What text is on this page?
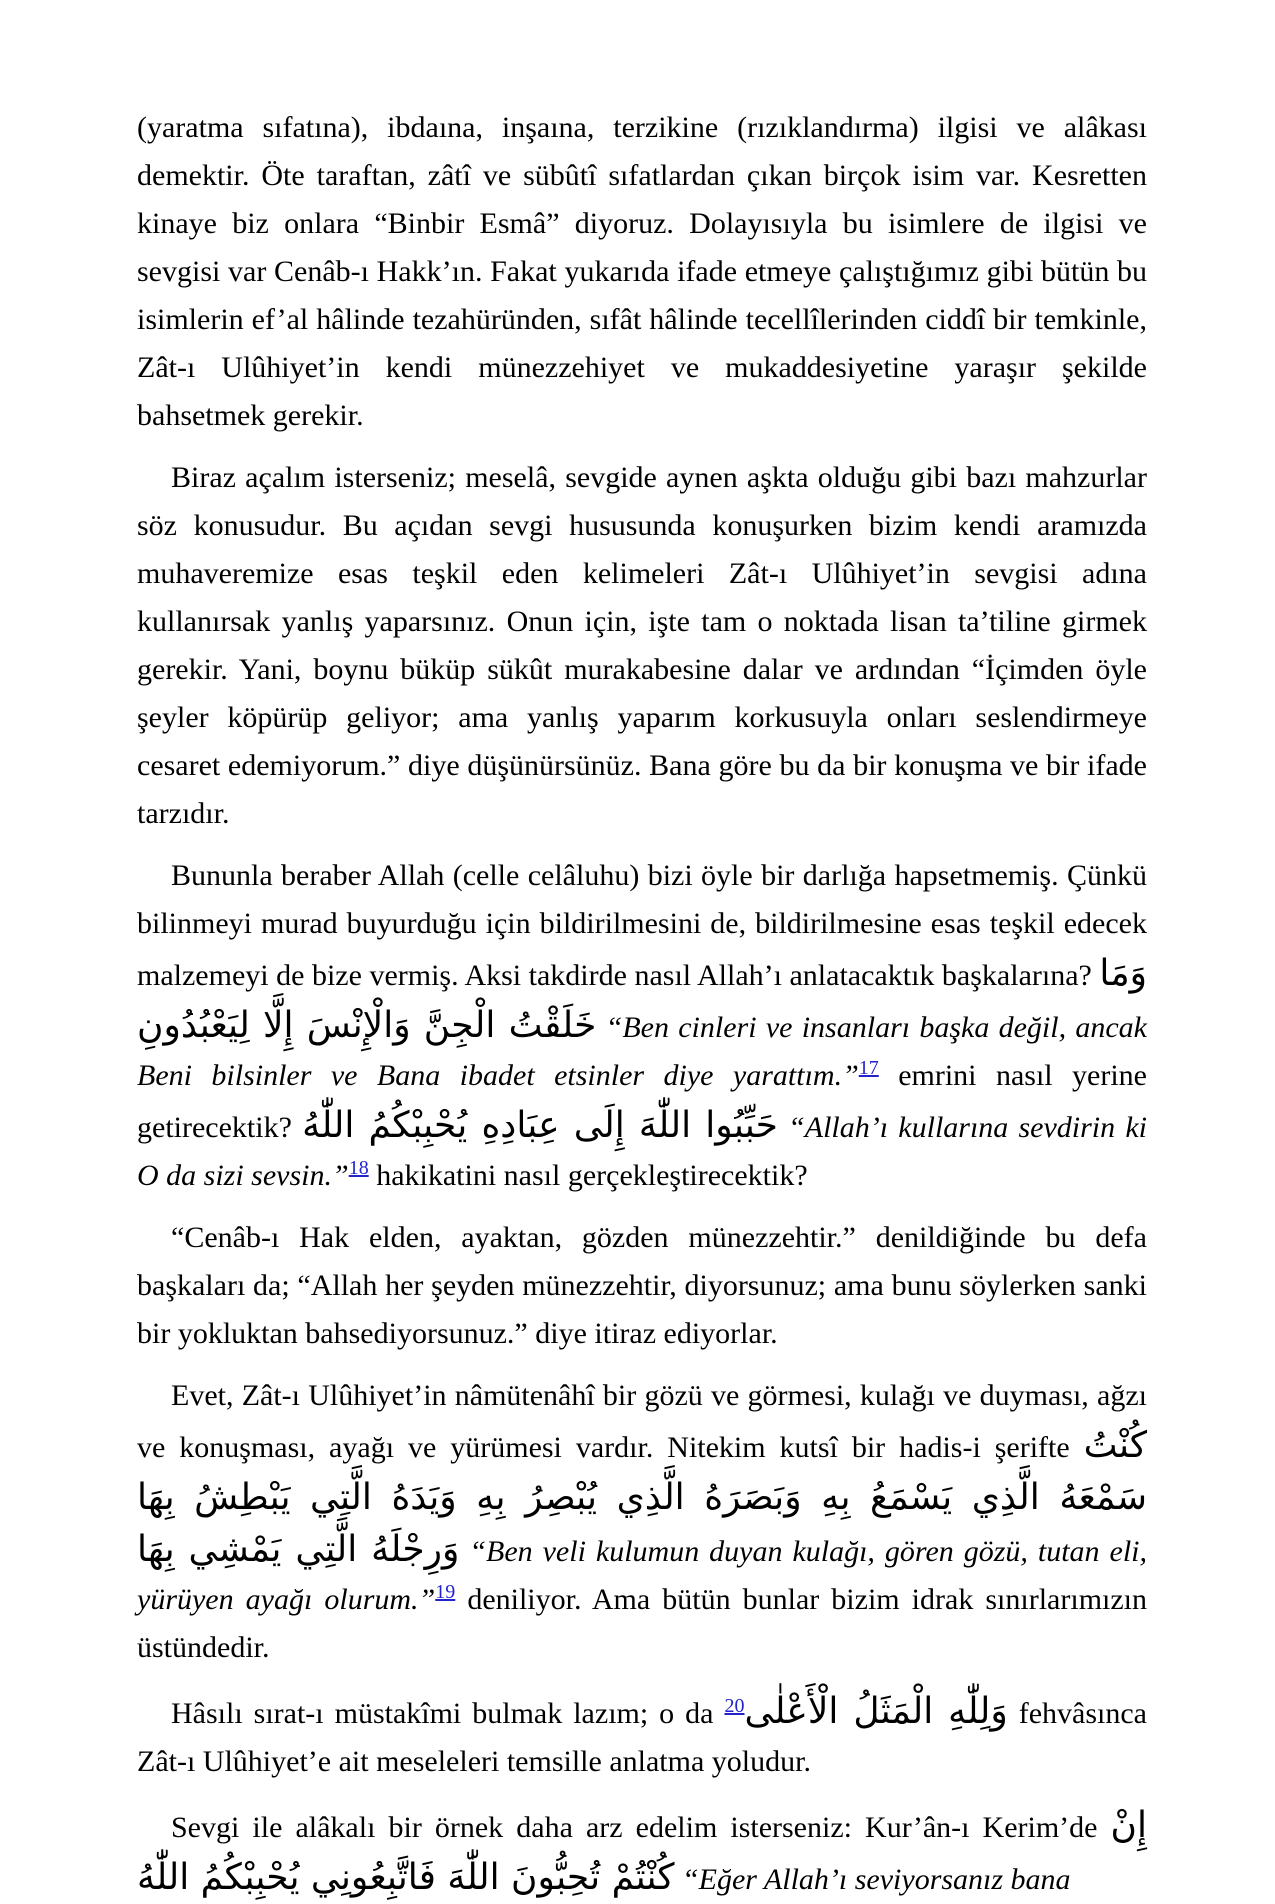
(yaratma sıfatına), ibdaına, inşaına, terzikine (rızıklandırma) ilgisi ve alâkası demektir. Öte taraftan, zâtî ve sübûtî sıfatlardan çıkan birçok isim var. Kesretten kinaye biz onlara “Binbir Esmâ” diyoruz. Dolayısıyla bu isimlere de ilgisi ve sevgisi var Cenâb-ı Hakk’ın. Fakat yukarıda ifade etmeye çalıştığımız gibi bütün bu isimlerin ef’al hâlinde tezahüründen, sıfât hâlinde tecellîlerinden ciddî bir temkinle, Zât-ı Ulûhiyet’in kendi münezzehiyet ve mukaddesiyetine yaraşır şekilde bahsetmek gerekir.

Biraz açalım isterseniz; meselâ, sevgide aynen aşkta olduğu gibi bazı mahzurlar söz konusudur. Bu açıdan sevgi hususunda konuşurken bizim kendi aramızda muhaveremize esas teşkil eden kelimeleri Zât-ı Ulûhiyet’in sevgisi adına kullanırsak yanlış yaparsınız. Onun için, işte tam o noktada lisan ta’tiline girmek gerekir. Yani, boynu büküp sükût murakabesine dalar ve ardından “İçimden öyle şeyler köpürüp geliyor; ama yanlış yaparım korkusuyla onları seslendirmeye cesaret edemiyorum.” diye düşünürsünüz. Bana göre bu da bir konuşma ve bir ifade tarzıdır.

Bununla beraber Allah (celle celâluhu) bizi öyle bir darlığa hapsetmemiş. Çünkü bilinmeyi murad buyurduğu için bildirilmesini de, bildirilmesine esas teşkil edecek malzemeyi de bize vermiş. Aksi takdirde nasıl Allah’ı anlatacaktık başkalarına? وَمَا خَلَقْتُ الْجِنَّ وَالْإِنْسَ إِلَّا لِيَعْبُدُونِ “Ben cinleri ve insanları başka değil, ancak Beni bilsinler ve Bana ibadet etsinler diye yarattım.”$^{17}$ emrini nasıl yerine getirecektik? حَبِّبُوا اللّٰهَ إِلَى عِبَادِهِ يُحْبِبْكُمُ اللّٰهُ “Allah’ı kullarına sevdirin ki O da sizi sevsin.”$^{18}$ hakikatini nasıl gerçekleştirecektik?

“Cenâb-ı Hak elden, ayaktan, gözden münezzehtir.” denildiğinde bu defa başkaları da; “Allah her şeyden münezzehtir, diyorsunuz; ama bunu söylerken sanki bir yokluktan bahsediyorsunuz.” diye itiraz ediyorlar.

Evet, Zât-ı Ulûhiyet’in nâmütenâhî bir gözü ve görmesi, kulağı ve duyması, ağzı ve konuşması, ayağı ve yürümesi vardır. Nitekim kutsî bir hadis-i şerifte كُنْتُ سَمْعَهُ الَّذِي يَسْمَعُ بِهِ وَبَصَرَهُ الَّذِي يُبْصِرُ بِهِ وَيَدَهُ الَّتِي يَبْطِشُ بِهَا وَرِجْلَهُ الَّتِي يَمْشِي بِهَا “Ben veli kulumun duyan kulağı, gören gözü, tutan eli, yürüyen ayağı olurum.”$^{19}$ deniliyor. Ama bütün bunlar bizim idrak sınırlarımızın üstündedir.

Hâsılı sırat-ı müstakîmi bulmak lazım; o da $^{20}$وَلِلّٰهِ الْمَثَلُ الْأَعْلٰى fehvâsınca Zât-ı Ulûhiyet’e ait meseleleri temsille anlatma yoludur.

Sevgi ile alâkalı bir örnek daha arz edelim isterseniz: Kur’ân-ı Kerim’de إِنْ كُنْتُمْ تُحِبُّونَ اللّٰهَ فَاتَّبِعُونِي يُحْبِبْكُمُ اللّٰهُ “Eğer Allah’ı seviyorsanız bana
